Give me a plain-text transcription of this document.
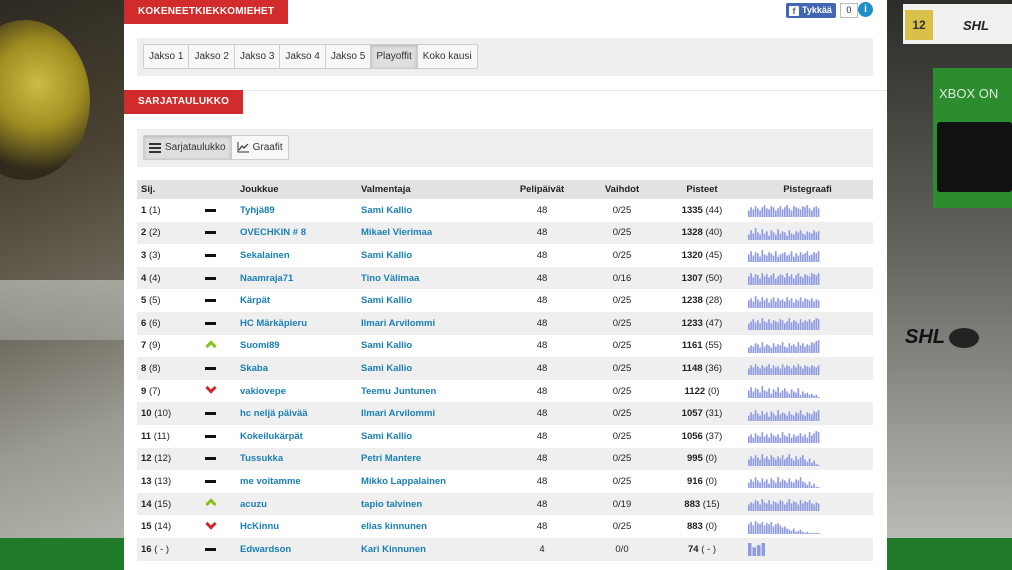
12	SHL
XBOX ON
SHL
KOKENEETKIEKKOMIEHET	f Tykkää	0	i
Jakso 1	Jakso 2	Jakso 3	Jakso 4	Jakso 5	Playoffit	Koko kausi
SARJATAULUKKO
Sarjataulukko	Graafit
Sij.		Joukkue	Valmentaja	Pelipäivät	Vaihdot	Pisteet	Pistegraafi
1 (1)		Tyhjä89	Sami Kallio	48	0/25	1335 (44)	

2 (2)		OVECHKIN # 8	Mikael Vierimaa	48	0/25	1328 (40)	

3 (3)		Sekalainen	Sami Kallio	48	0/25	1320 (45)	

4 (4)		Naamraja71	Tino Välimaa	48	0/16	1307 (50)	

5 (5)		Kärpät	Sami Kallio	48	0/25	1238 (28)	

6 (6)		HC Märkäpieru	Ilmari Arvilommi	48	0/25	1233 (47)	

7 (9)		Suomi89	Sami Kallio	48	0/25	1161 (55)	

8 (8)		Skaba	Sami Kallio	48	0/25	1148 (36)	

9 (7)		vakiovepe	Teemu Juntunen	48	0/25	1122 (0)	

10 (10)		hc neljä päivää	Ilmari Arvilommi	48	0/25	1057 (31)	

11 (11)		Kokeilukärpät	Sami Kallio	48	0/25	1056 (37)	

12 (12)		Tussukka	Petri Mantere	48	0/25	995 (0)	

13 (13)		me voitamme	Mikko Lappalainen	48	0/25	916 (0)	

14 (15)		acuzu	tapio talvinen	48	0/19	883 (15)	

15 (14)		HcKinnu	elias kinnunen	48	0/25	883 (0)	

16 ( - )		Edwardson	Kari Kinnunen	4	0/0	74 ( - )	
